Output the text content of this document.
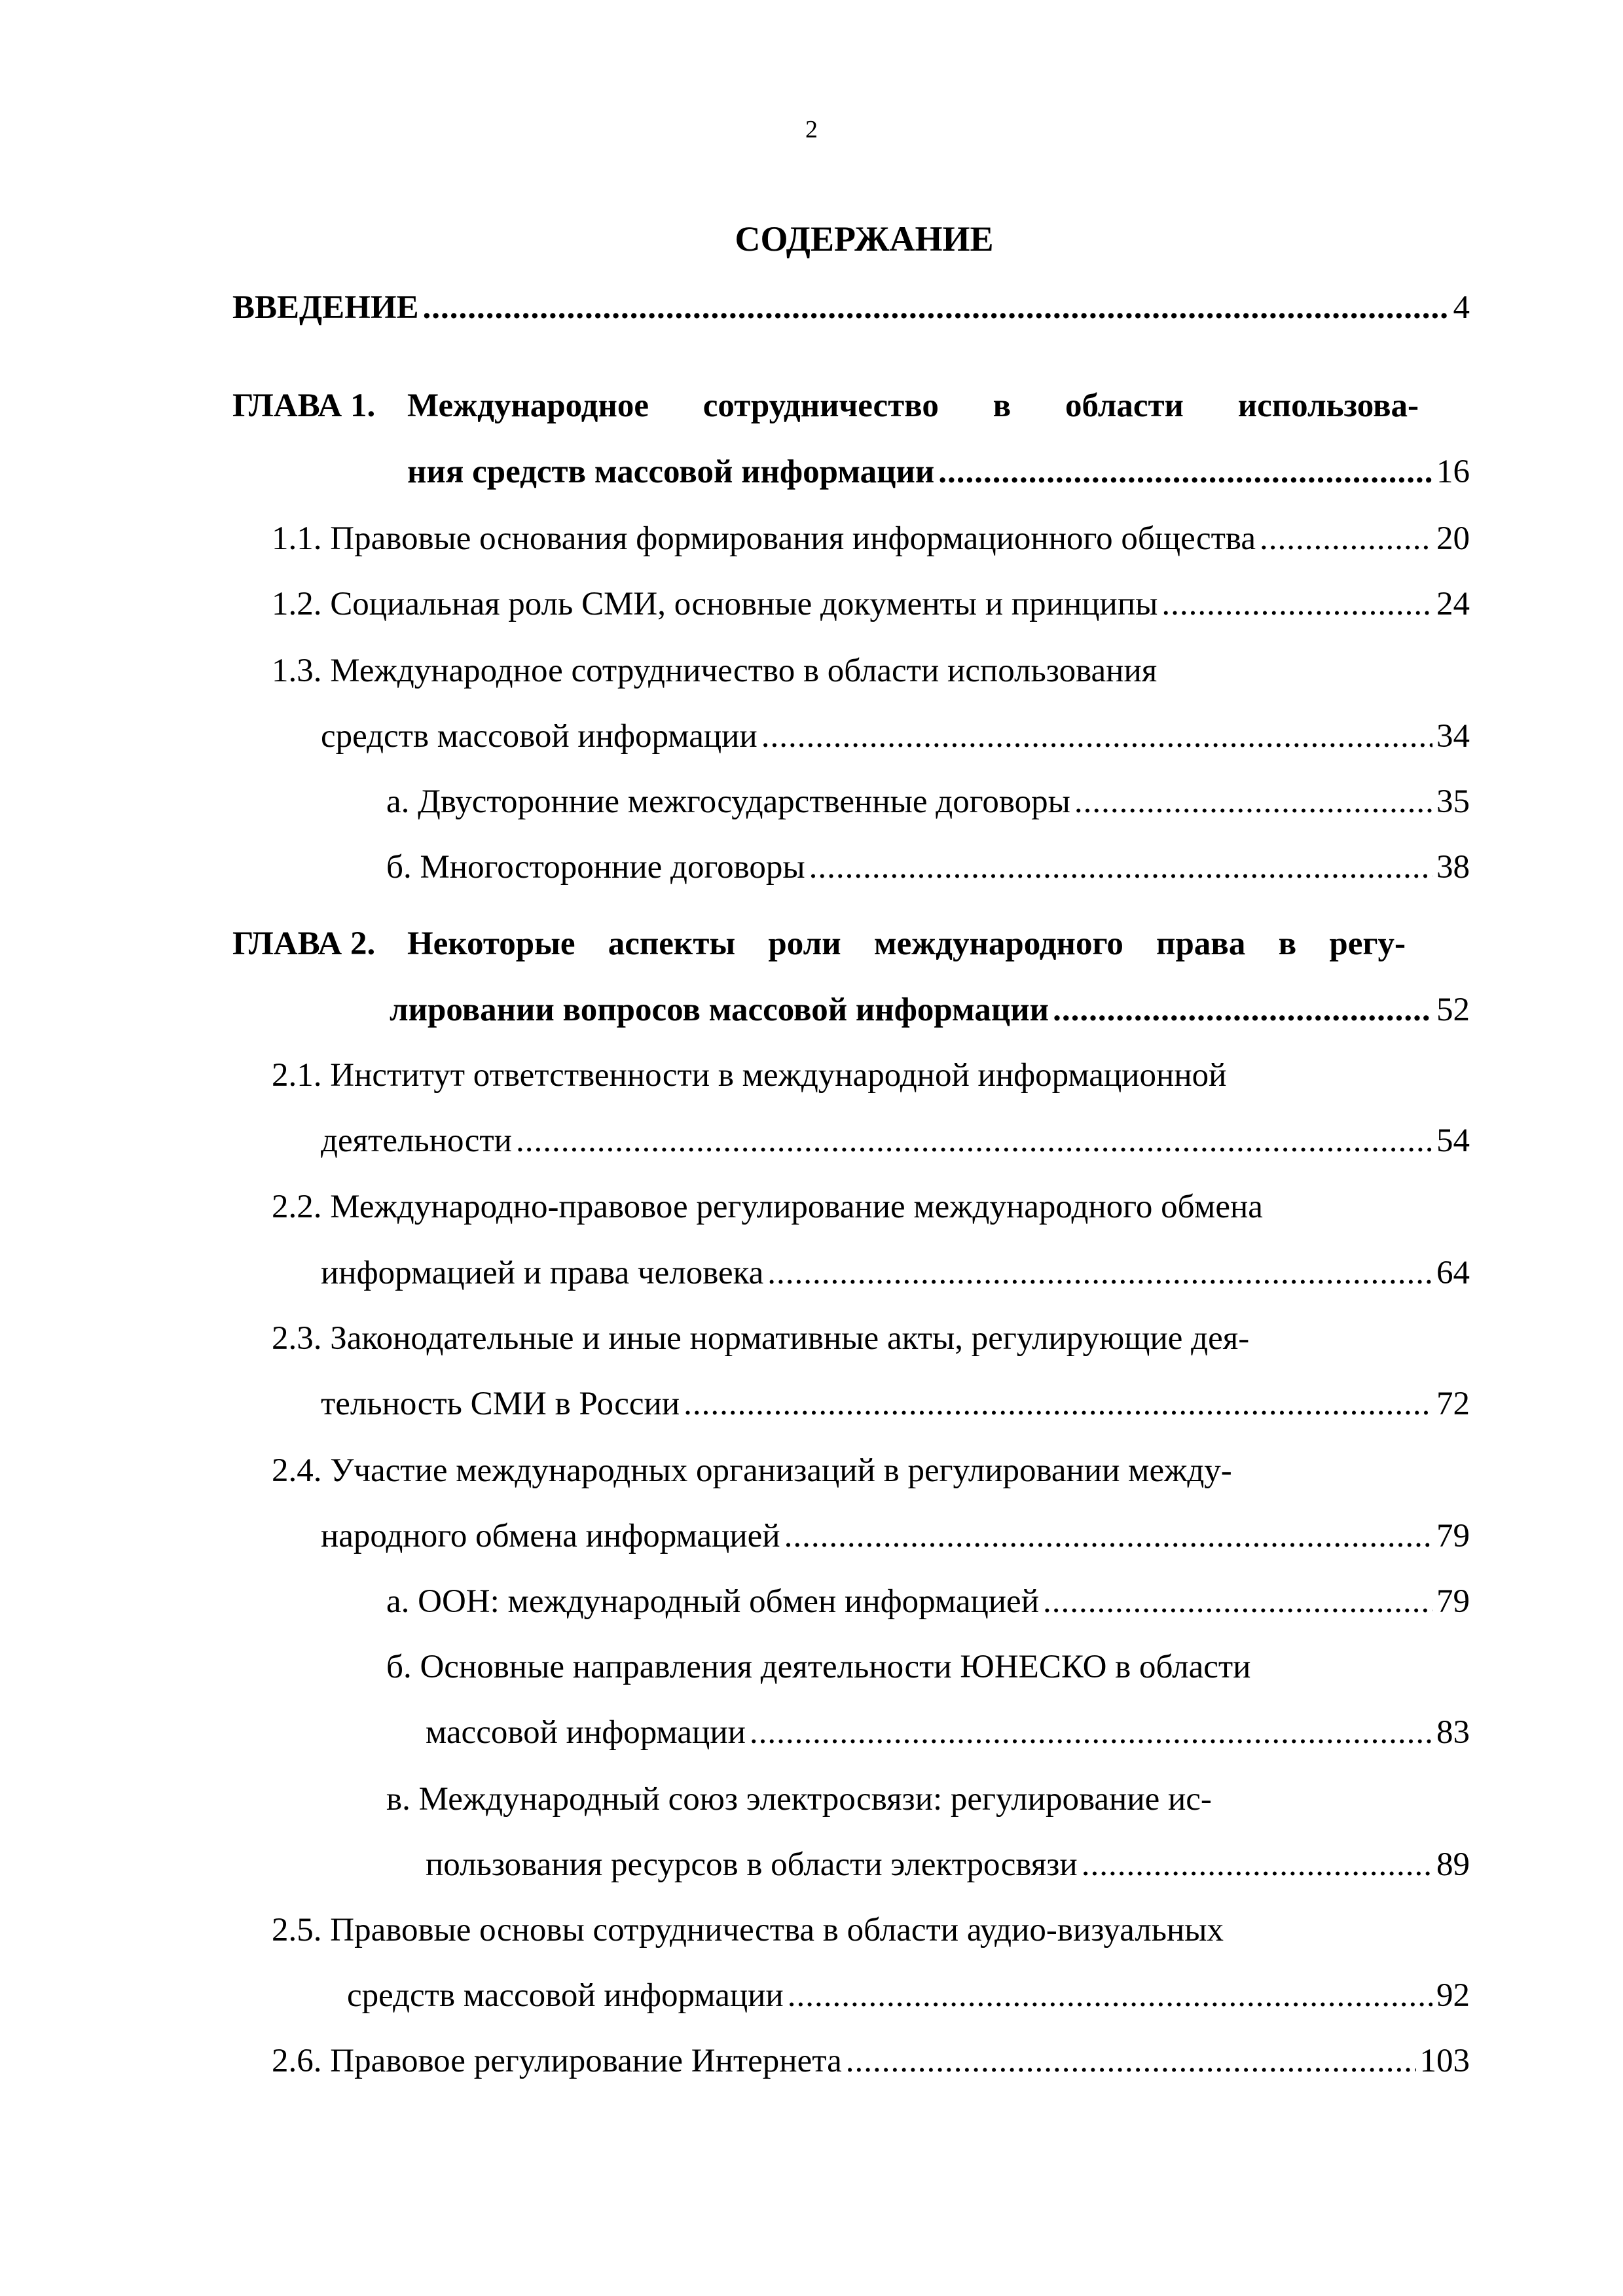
2
СОДЕРЖАНИЕ
ВВЕДЕНИЕ .....	4
ГЛАВА 1. Международное сотрудничество в области использова-
ния средств массовой информации .....	16
1.1. Правовые основания формирования информационного общества .....	20
1.2. Социальная роль СМИ, основные документы и принципы .....	24
1.3. Международное сотрудничество в области использования
средств массовой информации .....	34
а. Двусторонние межгосударственные договоры .....	35
б. Многосторонние договоры .....	38
ГЛАВА 2. Некоторые аспекты роли международного права в регу-
лировании вопросов массовой информации .....	52
2.1. Институт ответственности в международной информационной
деятельности .....	54
2.2. Международно-правовое регулирование международного обмена
информацией и права человека .....	64
2.3. Законодательные и иные нормативные акты, регулирующие дея-
тельность СМИ в России .....	72
2.4. Участие международных организаций в регулировании между-
народного обмена информацией .....	79
а. ООН: международный обмен информацией .....	79
б. Основные направления деятельности ЮНЕСКО в области
массовой информации .....	83
в. Международный союз электросвязи: регулирование ис-
пользования ресурсов в области электросвязи .....	89
2.5. Правовые основы сотрудничества в области аудио-визуальных
средств массовой информации .....	92
2.6. Правовое регулирование Интернета .....	103
